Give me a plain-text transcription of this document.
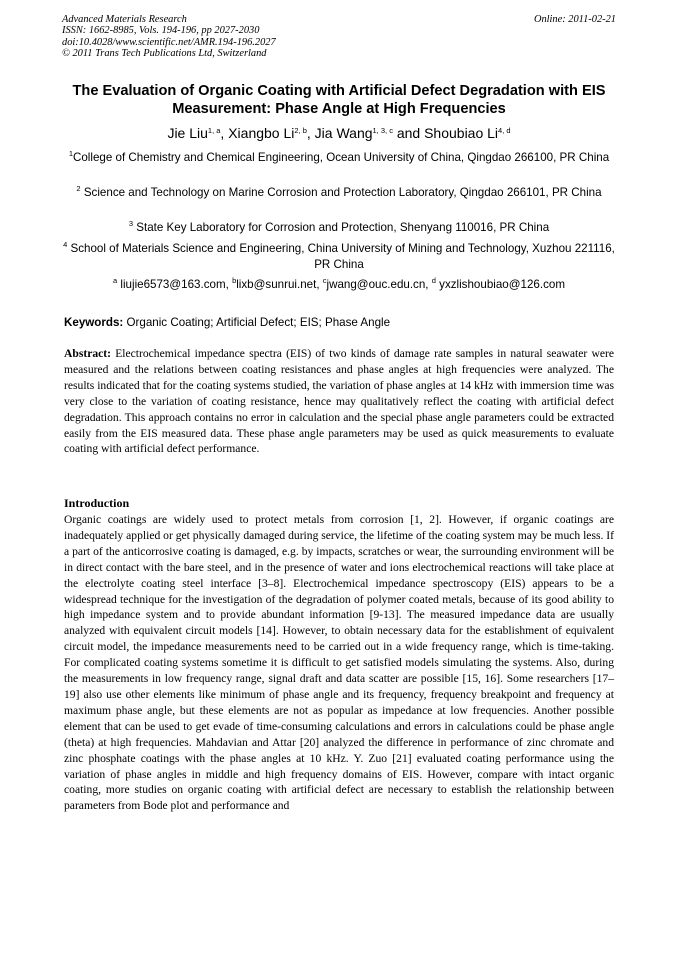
Advanced Materials Research
ISSN: 1662-8985, Vols. 194-196, pp 2027-2030
doi:10.4028/www.scientific.net/AMR.194-196.2027
© 2011 Trans Tech Publications Ltd, Switzerland
Online: 2011-02-21
The Evaluation of Organic Coating with Artificial Defect Degradation with EIS Measurement: Phase Angle at High Frequencies
Jie Liu$^{1, a}$, Xiangbo Li$^{2, b}$, Jia Wang$^{1, 3, c}$ and Shoubiao Li$^{4, d}$
$^1$College of Chemistry and Chemical Engineering, Ocean University of China, Qingdao 266100, PR China
$^2$ Science and Technology on Marine Corrosion and Protection Laboratory, Qingdao 266101, PR China
$^3$ State Key Laboratory for Corrosion and Protection, Shenyang 110016, PR China
$^4$ School of Materials Science and Engineering, China University of Mining and Technology, Xuzhou 221116, PR China
$^a$ liujie6573@163.com, $^b$lixb@sunrui.net, $^c$jwang@ouc.edu.cn, $^d$ yxzlishoubiao@126.com
Keywords: Organic Coating; Artificial Defect; EIS; Phase Angle
Abstract: Electrochemical impedance spectra (EIS) of two kinds of damage rate samples in natural seawater were measured and the relations between coating resistances and phase angles at high frequencies were analyzed. The results indicated that for the coating systems studied, the variation of phase angles at 14 kHz with immersion time was very close to the variation of coating resistance, hence may qualitatively reflect the coating with artificial defect degradation. This approach contains no error in calculation and the special phase angle parameters could be extracted easily from the EIS measured data. These phase angle parameters may be used as quick measurements to evaluate coating with artificial defect performance.
Introduction
Organic coatings are widely used to protect metals from corrosion [1, 2]. However, if organic coatings are inadequately applied or get physically damaged during service, the lifetime of the coating system may be much less. If a part of the anticorrosive coating is damaged, e.g. by impacts, scratches or wear, the surrounding environment will be in direct contact with the bare steel, and in the presence of water and ions electrochemical reactions will take place at the electrolyte coating steel interface [3–8]. Electrochemical impedance spectroscopy (EIS) appears to be a widespread technique for the investigation of the degradation of polymer coated metals, because of its good ability to high impedance system and to provide abundant information [9-13]. The measured impedance data are usually analyzed with equivalent circuit models [14]. However, to obtain necessary data for the establishment of equivalent circuit model, the impedance measurements need to be carried out in a wide frequency range, which is time-taking. For complicated coating systems sometime it is difficult to get satisfied models simulating the systems. Also, during the measurements in low frequency range, signal draft and data scatter are possible [15, 16]. Some researchers [17–19] also use other elements like minimum of phase angle and its frequency, frequency breakpoint and frequency at maximum phase angle, but these elements are not as popular as impedance at low frequencies. Another possible element that can be used to get evade of time-consuming calculations and errors in calculations could be phase angle (theta) at high frequencies. Mahdavian and Attar [20] analyzed the difference in performance of zinc chromate and zinc phosphate coatings with the phase angles at 10 kHz. Y. Zuo [21] evaluated coating performance using the variation of phase angles in middle and high frequency domains of EIS. However, compare with intact organic coating, more studies on organic coating with artificial defect are necessary to establish the relationship between parameters from Bode plot and performance and
